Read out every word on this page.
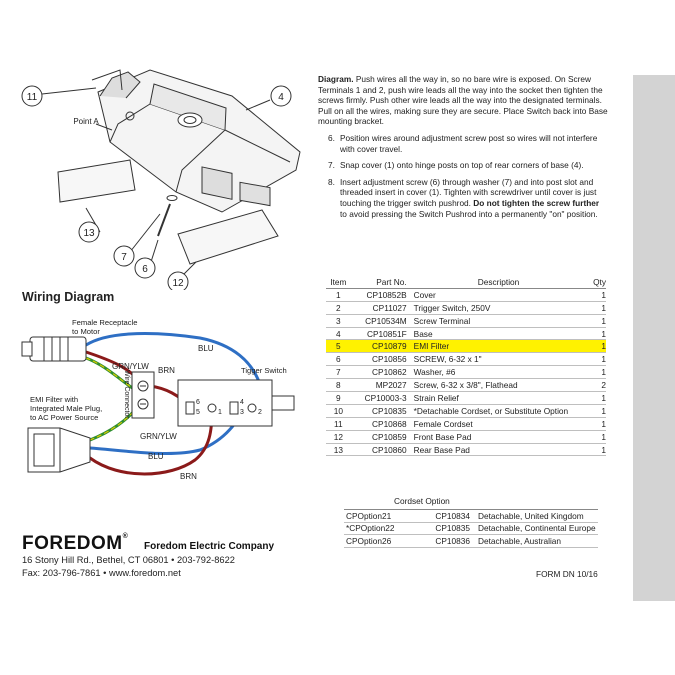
11	4
13
7
6
12
Point A

Diagram. Push wires all the way in, so no bare wire is exposed. On Screw Terminals 1 and 2, push wire leads all the way into the socket then tighten the screws firmly. Push other wire leads all the way into the designated terminals. Pull on all the wires, making sure they are secure. Place Switch back into Base mounting bracket.

6. Position wires around adjustment screw post so wires will not interfere with cover travel.
7. Snap cover (1) onto hinge posts on top of rear corners of base (4).
8. Insert adjustment screw (6) through washer (7) and into post slot and threaded insert in cover (1). Tighten with screwdriver until cover is just touching the trigger switch pushrod. Do not tighten the screw further to avoid pressing the Switch Pushrod into a permanently "on" position.
Item	Part No.	Description	Qty
1	CP10852B	Cover	1
2	CP11027	Trigger Switch, 250V	1
3	CP10534M	Screw Terminal	1
4	CP10851F	Base	1
5	CP10879	EMI Filter	1
6	CP10856	SCREW, 6-32 x 1"	1
7	CP10862	Washer, #6	1
8	MP2027	Screw, 6-32 x 3/8", Flathead	2
9	CP10003-3	Strain Relief	1
10	CP10835	*Detachable Cordset, or Substitute Option	1
11	CP10868	Female Cordset	1
12	CP10859	Front Base Pad	1
13	CP10860	Rear Base Pad	1
Cordset Option
CPOption21	CP10834	Detachable, United Kingdom
*CPOption22	CP10835	Detachable, Continental Europe
CPOption26	CP10836	Detachable, Australian
FORM DN 10/16
Wiring Diagram
6
5	1
4
3 2
Female Receptacle
to Motor
EMI Filter with
Integrated Male Plug,
to AC Power Source
Tigger Switch
Wire Connector
BLU
GRN/YLW BRN
GRN/YLW
BLU
BRN
FOREDOM®
Foredom Electric Company
16 Stony Hill Rd., Bethel, CT 06801 • 203-792-8622
Fax: 203-796-7861 • www.foredom.net
